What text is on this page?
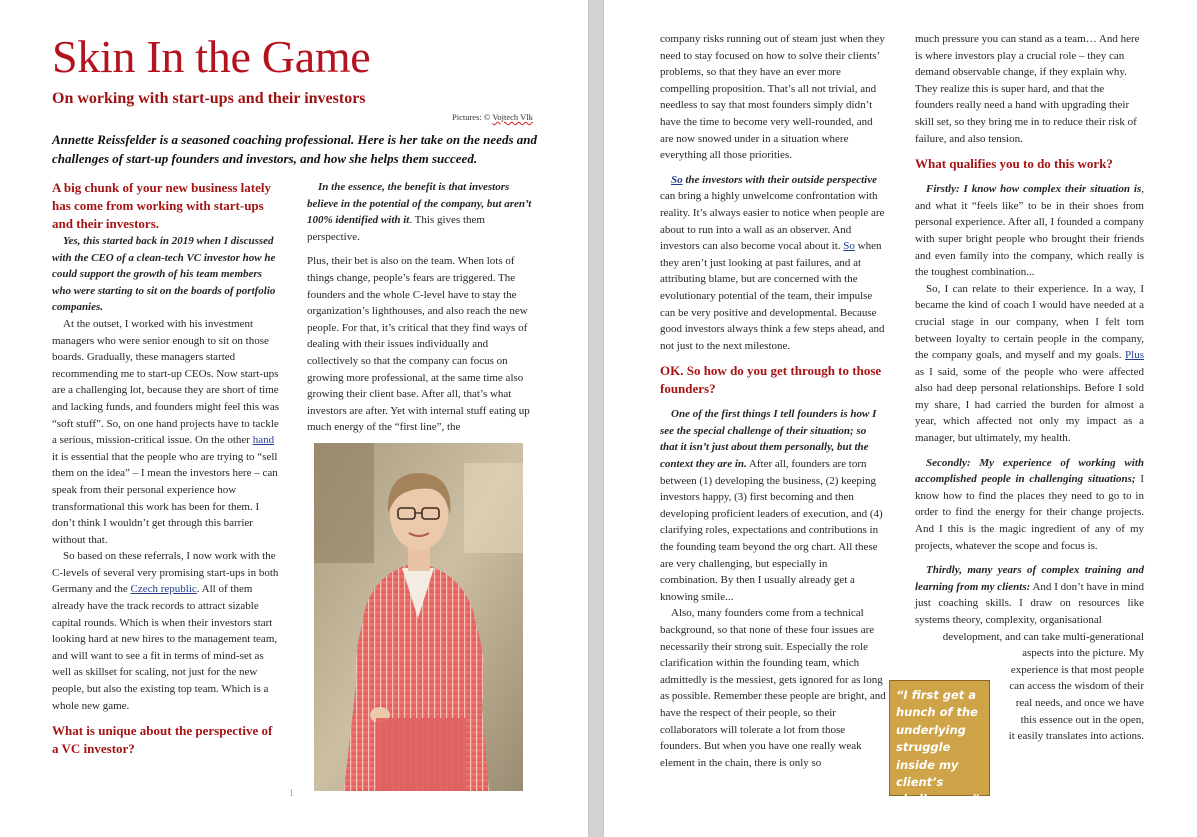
Skin In the Game
On working with start-ups and their investors
Pictures: © Vojtech Vlk
Annette Reissfelder is a seasoned coaching professional. Here is her take on the needs and challenges of start-up founders and investors, and how she helps them succeed.

A big chunk of your new business lately has come from working with start-ups and their investors.

Yes, this started back in 2019 when I discussed with the CEO of a clean-tech VC investor how he could support the growth of his team members who were starting to sit on the boards of portfolio companies.

At the outset, I worked with his investment managers who were senior enough to sit on those boards. Gradually, these managers started recommending me to start-up CEOs. Now start-ups are a challenging lot, because they are short of time and lacking funds, and founders might feel this was “soft stuff”. So, on one hand projects have to tackle a serious, mission-critical issue. On the other hand it is essential that the people who are trying to “sell them on the idea” – I mean the investors here – can speak from their personal experience how transformational this work has been for them. I don’t think I wouldn’t get through this barrier without that.

So based on these referrals, I now work with the C-levels of several very promising start-ups in both Germany and the Czech republic. All of them already have the track records to attract sizable capital rounds. Which is when their investors start looking hard at new hires to the management team, and will want to see a fit in terms of mind-set as well as skillset for scaling, not just for the new people, but also the existing top team. Which is a whole new game.

What is unique about the perspective of a VC investor?

In the essence, the benefit is that investors believe in the potential of the company, but aren’t 100% identified with it. This gives them perspective.

Plus, their bet is also on the team. When lots of things change, people’s fears are triggered. The founders and the whole C-level have to stay the organization’s lighthouses, and also reach the new people. For that, it’s critical that they find ways of dealing with their issues individually and collectively so that the company can focus on growing more professional, at the same time also growing their client base. After all, that’s what investors are after. Yet with internal stuff eating up much energy of the “first line”, the

1

company risks running out of steam just when they need to stay focused on how to solve their clients’ problems, so that they have an ever more compelling proposition. That’s all not trivial, and needless to say that most founders simply didn’t have the time to become very well-rounded, and are now snowed under in a situation where everything all those priorities.

So the investors with their outside perspective can bring a highly unwelcome confrontation with reality. It’s always easier to notice when people are about to run into a wall as an observer. And investors can also become vocal about it. So when they aren’t just looking at past failures, and at attributing blame, but are concerned with the evolutionary potential of the team, their impulse can be very positive and developmental. Because good investors always think a few steps ahead, and not just to the next milestone.

OK. So how do you get through to those founders?

One of the first things I tell founders is how I see the special challenge of their situation; so that it isn’t just about them personally, but the context they are in. After all, founders are torn between (1) developing the business, (2) keeping investors happy, (3) first becoming and then developing proficient leaders of execution, and (4) clarifying roles, expectations and contributions in the founding team beyond the org chart. All these are very challenging, but especially in combination. By then I usually already get a knowing smile...

Also, many founders come from a technical background, so that none of these four issues are necessarily their strong suit. Especially the role clarification within the founding team, which admittedly is the messiest, gets ignored for as long as possible. Remember these people are bright, and have the respect of their people, so their collaborators will tolerate a lot from those founders. But when you have one really weak element in the chain, there is only so

much pressure you can stand as a team… And here is where investors play a crucial role – they can demand observable change, if they explain why. They realize this is super hard, and that the founders really need a hand with upgrading their skill set, so they bring me in to reduce their risk of failure, and also tension.

What qualifies you to do this work?

Firstly: I know how complex their situation is, and what it “feels like” to be in their shoes from personal experience. After all, I founded a company with super bright people who brought their friends and even family into the company, which really is the toughest combination...

So, I can relate to their experience. In a way, I became the kind of coach I would have needed at a crucial stage in our company, when I felt torn between loyalty to certain people in the company, the company goals, and myself and my goals. Plus as I said, some of the people who were affected also had deep personal relationships. Before I sold my share, I had carried the burden for almost a year, which affected not only my impact as a manager, but ultimately, my health.

Secondly: My experience of working with accomplished people in challenging situations; I know how to find the places they need to go to in order to find the energy for their change projects. And I this is the magic ingredient of any of my projects, whatever the scope and focus is.

Thirdly, many years of complex training and learning from my clients: And I don’t have in mind just coaching skills. I draw on resources like systems theory, complexity, organisational

development, and can take multi-generational
aspects into the picture. My
experience is that most people
can access the wisdom of their
real needs, and once we have
this essence out in the open,
it easily translates into actions.
“I first get a hunch of the underlying struggle inside my client’s challenge...”
